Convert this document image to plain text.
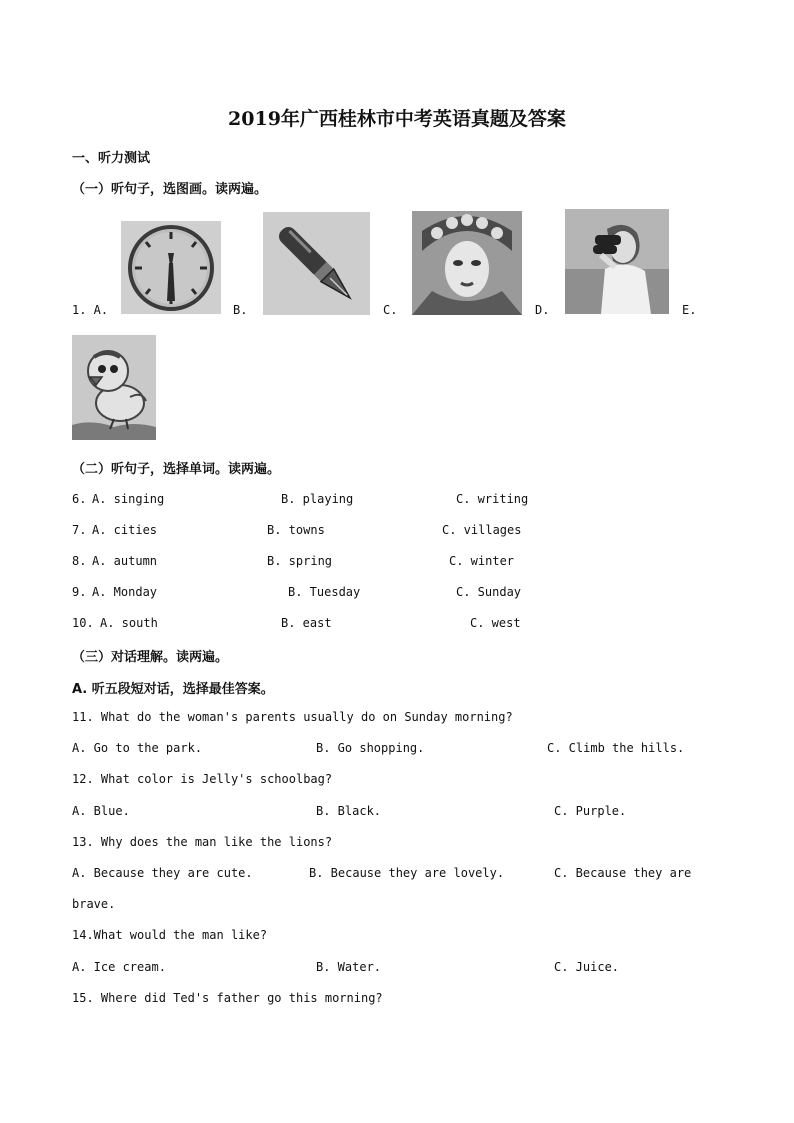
2019年广西桂林市中考英语真题及答案
一、听力测试
（一）听句子，选图画。读两遍。
1. A.	B.	C.	D.	E.
（二）听句子，选择单词。读两遍。
6. A. singing	B. playing	C. writing
7. A. cities	B. towns	C. villages
8. A. autumn	B. spring	C. winter
9. A. Monday	B. Tuesday	C. Sunday
10. A. south	B. east	C. west
（三）对话理解。读两遍。
A. 听五段短对话，选择最佳答案。
11. What do the woman's parents usually do on Sunday morning?
A. Go to the park.	B. Go shopping.	C. Climb the hills.
12. What color is Jelly's schoolbag?
A. Blue.	B. Black.	C. Purple.
13. Why does the man like the lions?
A. Because they are cute.	B. Because they are lovely.	C. Because they are
brave.
14.What would the man like?
A. Ice cream.	B. Water.	C. Juice.
15. Where did Ted's father go this morning?
